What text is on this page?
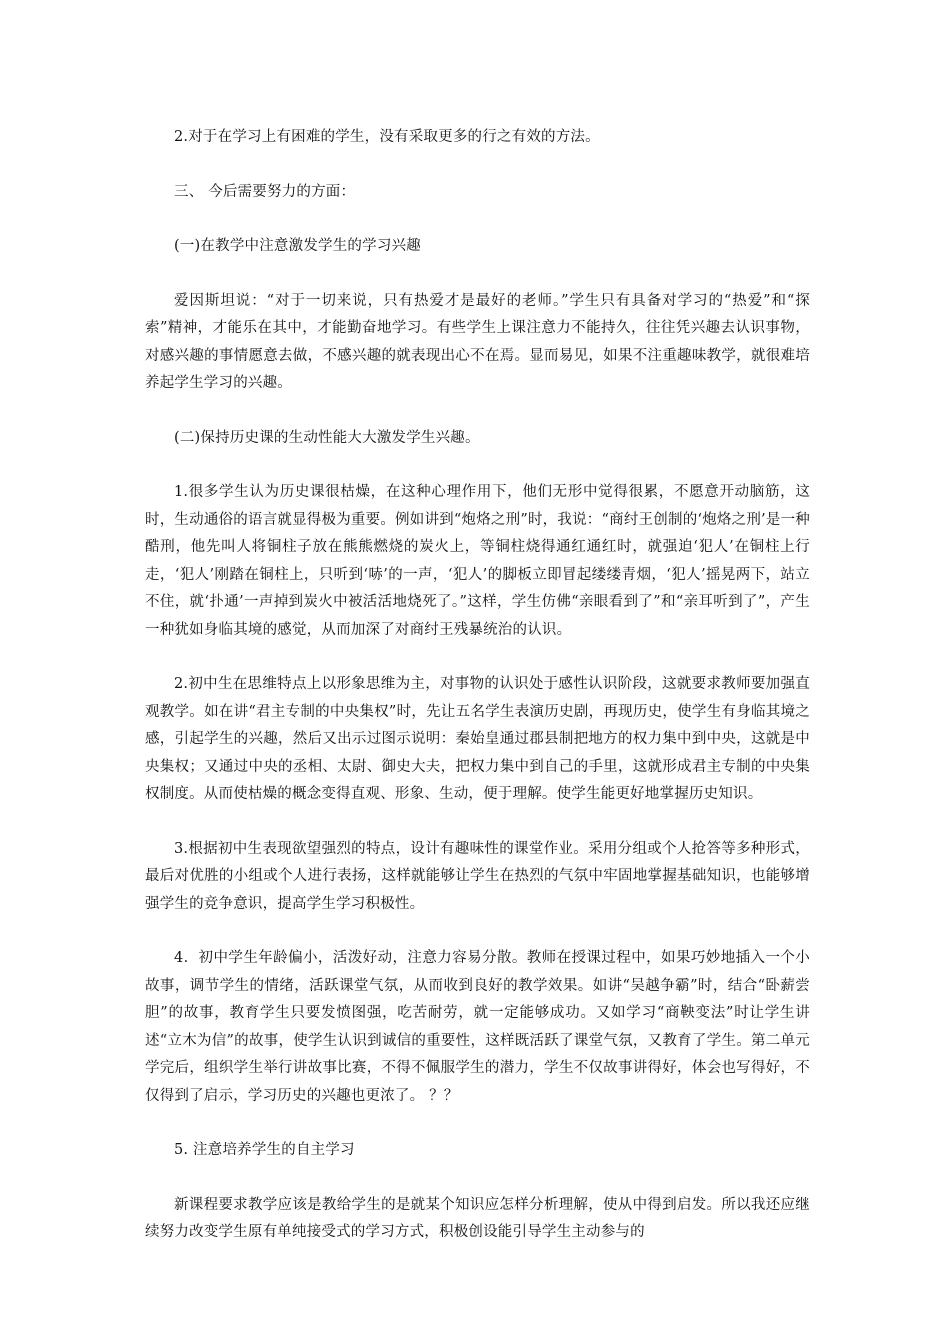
2.对于在学习上有困难的学生，没有采取更多的行之有效的方法。

三、 今后需要努力的方面：

(一)在教学中注意激发学生的学习兴趣

爱因斯坦说：“对于一切来说，只有热爱才是最好的老师。”学生只有具备对学习的“热爱”和“探索”精神，才能乐在其中，才能勤奋地学习。有些学生上课注意力不能持久，往往凭兴趣去认识事物，对感兴趣的事情愿意去做，不感兴趣的就表现出心不在焉。显而易见，如果不注重趣味教学，就很难培养起学生学习的兴趣。

(二)保持历史课的生动性能大大激发学生兴趣。

1.很多学生认为历史课很枯燥，在这种心理作用下，他们无形中觉得很累，不愿意开动脑筋，这时，生动通俗的语言就显得极为重要。例如讲到“炮烙之刑”时，我说：“商纣王创制的‘炮烙之刑’是一种酷刑，他先叫人将铜柱子放在熊熊燃烧的炭火上，等铜柱烧得通红通红时，就强迫‘犯人’在铜柱上行走，‘犯人’刚踏在铜柱上，只听到‘哧’的一声，‘犯人’的脚板立即冒起缕缕青烟，‘犯人’摇晃两下，站立不住，就‘扑通’一声掉到炭火中被活活地烧死了。”这样，学生仿佛“亲眼看到了”和“亲耳听到了”，产生一种犹如身临其境的感觉，从而加深了对商纣王残暴统治的认识。

2.初中生在思维特点上以形象思维为主，对事物的认识处于感性认识阶段，这就要求教师要加强直观教学。如在讲“君主专制的中央集权”时，先让五名学生表演历史剧，再现历史，使学生有身临其境之感，引起学生的兴趣，然后又出示过图示说明：秦始皇通过郡县制把地方的权力集中到中央，这就是中央集权；又通过中央的丞相、太尉、御史大夫，把权力集中到自己的手里，这就形成君主专制的中央集权制度。从而使枯燥的概念变得直观、形象、生动，便于理解。使学生能更好地掌握历史知识。

3.根据初中生表现欲望强烈的特点，设计有趣味性的课堂作业。采用分组或个人抢答等多种形式，最后对优胜的小组或个人进行表扬，这样就能够让学生在热烈的气氛中牢固地掌握基础知识，也能够增强学生的竞争意识，提高学生学习积极性。

4．初中学生年龄偏小，活泼好动，注意力容易分散。教师在授课过程中，如果巧妙地插入一个小故事，调节学生的情绪，活跃课堂气氛，从而收到良好的教学效果。如讲“吴越争霸”时，结合“卧薪尝胆”的故事，教育学生只要发愤图强，吃苦耐劳，就一定能够成功。又如学习“商鞅变法”时让学生讲述“立木为信”的故事，使学生认识到诚信的重要性，这样既活跃了课堂气氛，又教育了学生。第二单元学完后，组织学生举行讲故事比赛，不得不佩服学生的潜力，学生不仅故事讲得好，体会也写得好，不仅得到了启示，学习历史的兴趣也更浓了。 ？？

5. 注意培养学生的自主学习

新课程要求教学应该是教给学生的是就某个知识应怎样分析理解，使从中得到启发。所以我还应继续努力改变学生原有单纯接受式的学习方式，积极创设能引导学生主动参与的
